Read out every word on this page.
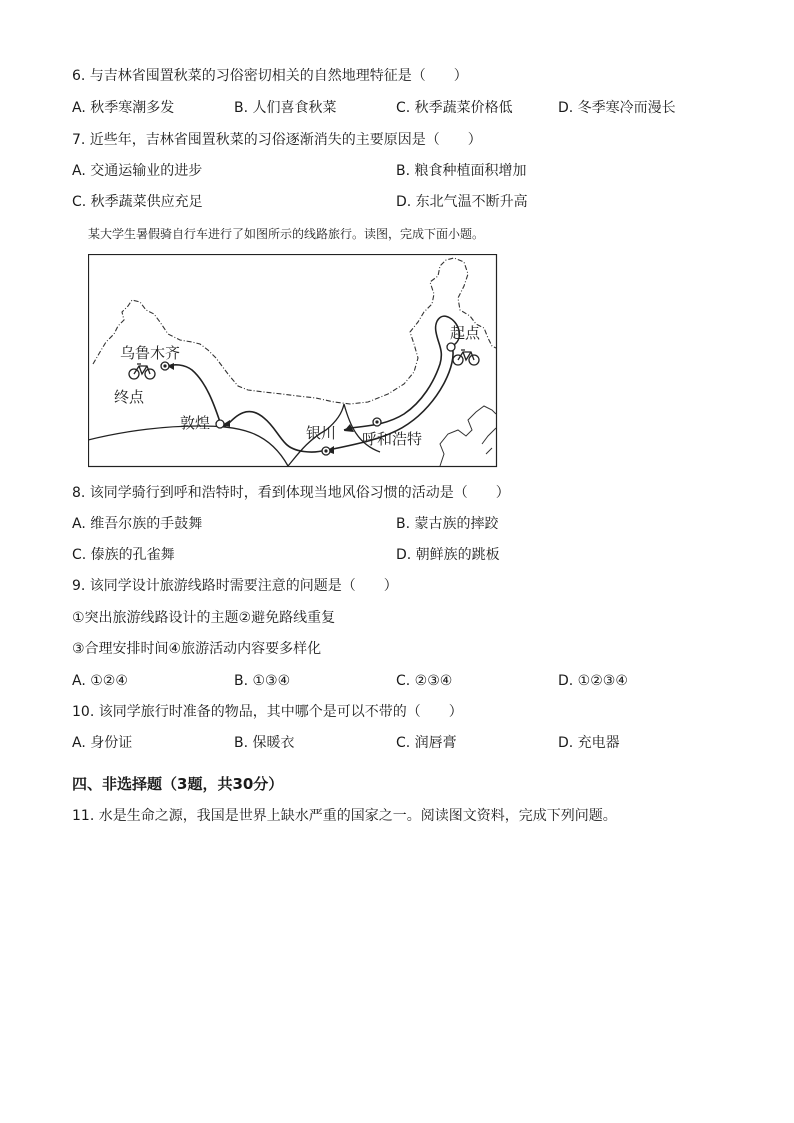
6. 与吉林省囤置秋菜的习俗密切相关的自然地理特征是（　　）
A. 秋季寒潮多发	B. 人们喜食秋菜	C. 秋季蔬菜价格低	D. 冬季寒冷而漫长
7. 近些年，吉林省囤置秋菜的习俗逐渐消失的主要原因是（　　）
A. 交通运输业的进步	B. 粮食种植面积增加
C. 秋季蔬菜供应充足	D. 东北气温不断升高
某大学生暑假骑自行车进行了如图所示的线路旅行。读图，完成下面小题。
起点
乌鲁木齐
终点
敦煌
银川 呼和浩特
8. 该同学骑行到呼和浩特时，看到体现当地风俗习惯的活动是（　　）
A. 维吾尔族的手鼓舞	B. 蒙古族的摔跤
C. 傣族的孔雀舞	D. 朝鲜族的跳板
9. 该同学设计旅游线路时需要注意的问题是（　　）
①突出旅游线路设计的主题②避免路线重复
③合理安排时间④旅游活动内容要多样化
A. ①②④	B. ①③④	C. ②③④	D. ①②③④
10. 该同学旅行时准备的物品，其中哪个是可以不带的（　　）
A. 身份证	B. 保暖衣	C. 润唇膏	D. 充电器
四、非选择题（3题，共30分）
11. 水是生命之源，我国是世界上缺水严重的国家之一。阅读图文资料，完成下列问题。
